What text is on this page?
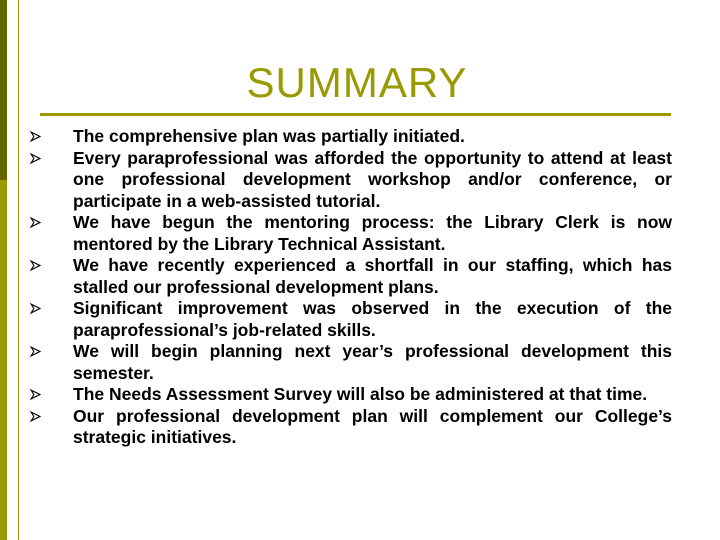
SUMMARY
The comprehensive plan was partially initiated.
Every paraprofessional was afforded the opportunity to attend at least one professional development workshop and/or conference, or participate in a web-assisted tutorial.
We have begun the mentoring process: the Library Clerk is now mentored by the Library Technical Assistant.
We have recently experienced a shortfall in our staffing, which has stalled our professional development plans.
Significant improvement was observed in the execution of the paraprofessional’s job-related skills.
We will begin planning next year’s professional development this semester.
The Needs Assessment Survey will also be administered at that time.
Our professional development plan will complement our College’s strategic initiatives.
